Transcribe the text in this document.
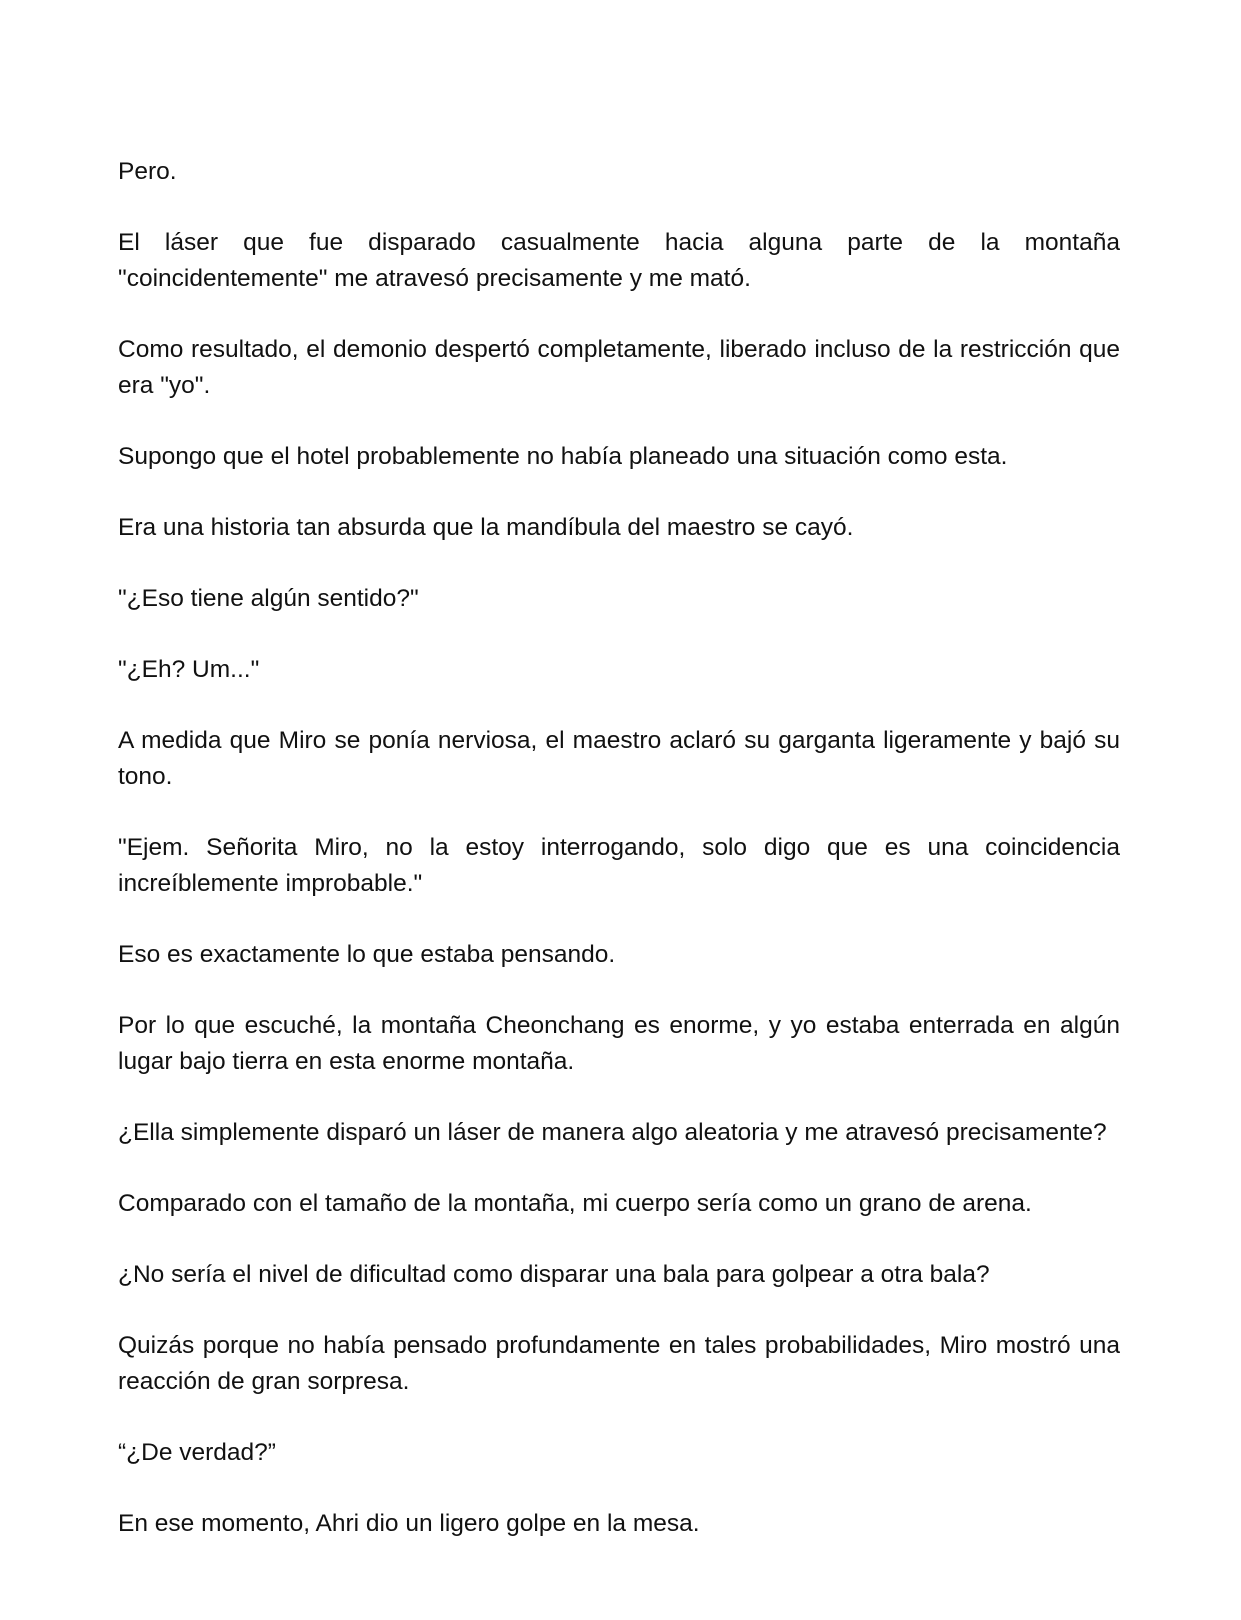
Pero.

El láser que fue disparado casualmente hacia alguna parte de la montaña "coincidentemente" me atravesó precisamente y me mató.

Como resultado, el demonio despertó completamente, liberado incluso de la restricción que era "yo".

Supongo que el hotel probablemente no había planeado una situación como esta.

Era una historia tan absurda que la mandíbula del maestro se cayó.

"¿Eso tiene algún sentido?"

"¿Eh? Um..."

A medida que Miro se ponía nerviosa, el maestro aclaró su garganta ligeramente y bajó su tono.

"Ejem. Señorita Miro, no la estoy interrogando, solo digo que es una coincidencia increíblemente improbable."

Eso es exactamente lo que estaba pensando.

Por lo que escuché, la montaña Cheonchang es enorme, y yo estaba enterrada en algún lugar bajo tierra en esta enorme montaña.

¿Ella simplemente disparó un láser de manera algo aleatoria y me atravesó precisamente?

Comparado con el tamaño de la montaña, mi cuerpo sería como un grano de arena.

¿No sería el nivel de dificultad como disparar una bala para golpear a otra bala?

Quizás porque no había pensado profundamente en tales probabilidades, Miro mostró una reacción de gran sorpresa.

“¿De verdad?”

En ese momento, Ahri dio un ligero golpe en la mesa.
